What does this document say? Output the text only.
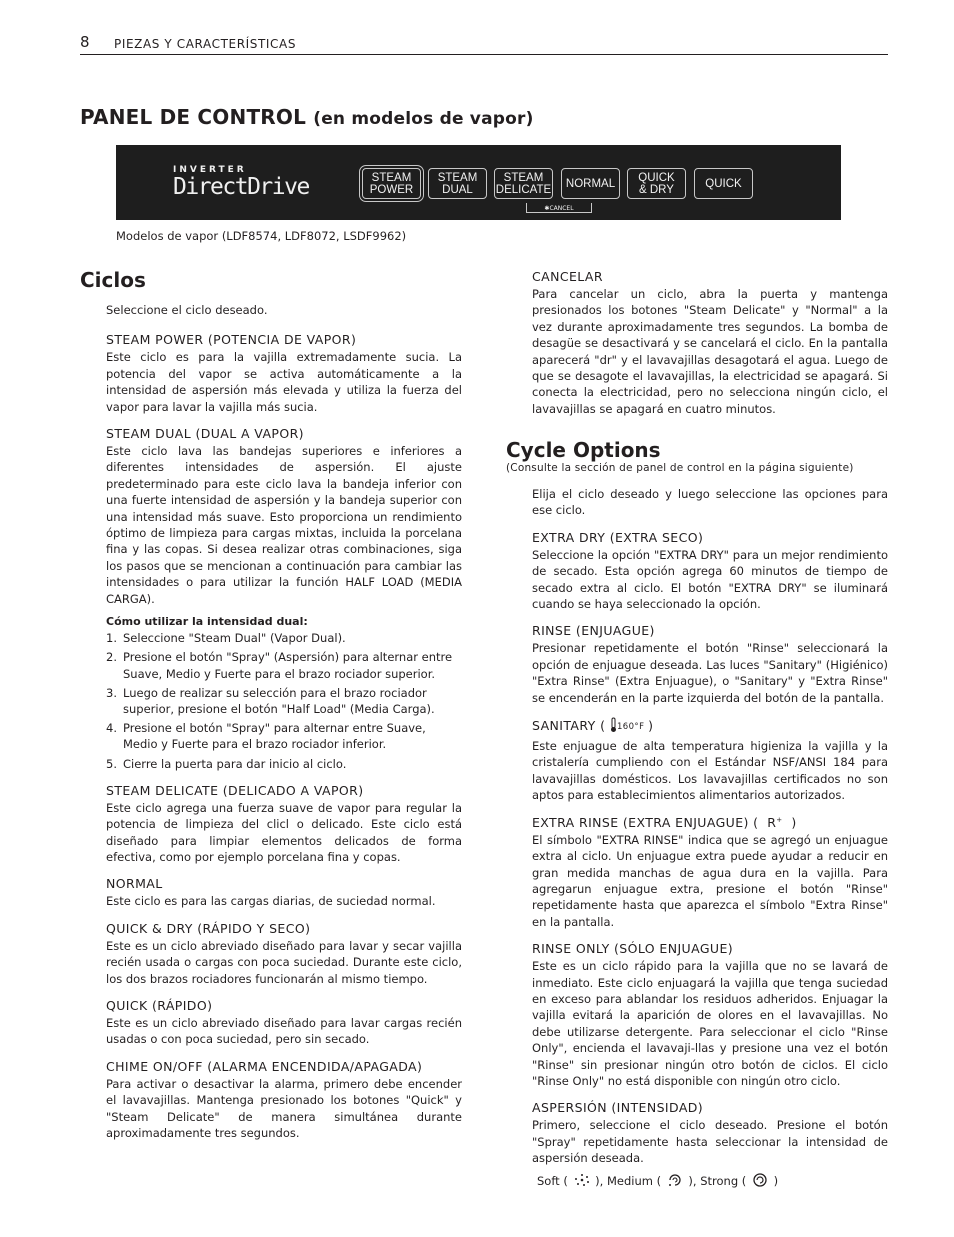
8 PIEZAS Y CARACTERÍSTICAS
PANEL DE CONTROL (en modelos de vapor)
INVERTER
DirectDrive	STEAM
POWER
STEAM
DUAL
STEAM
DELICATE	NORMAL	QUICK
& DRY	QUICK
✱CANCEL
Modelos de vapor (LDF8574, LDF8072, LSDF9962)
Ciclos
Seleccione el ciclo deseado.
STEAM POWER (POTENCIA DE VAPOR)
Este ciclo es para la vajilla extremadamente sucia. La potencia del vapor se activa automáticamente a la intensidad de aspersión más elevada y utiliza la fuerza del vapor para lavar la vajilla más sucia.
STEAM DUAL (DUAL A VAPOR)
Este ciclo lava las bandejas superiores e inferiores a diferentes intensidades de aspersión. El ajuste predeterminado para este ciclo lava la bandeja inferior con una fuerte intensidad de aspersión y la bandeja superior con una intensidad más suave. Esto proporciona un rendimiento óptimo de limpieza para cargas mixtas, incluida la porcelana fina y las copas. Si desea realizar otras combinaciones, siga los pasos que se mencionan a continuación para cambiar las intensidades o para utilizar la función HALF LOAD (MEDIA CARGA).
Cómo utilizar la intensidad dual:
1. Seleccione "Steam Dual" (Vapor Dual).
2. Presione el botón "Spray" (Aspersión) para alternar entre Suave, Medio y Fuerte para el brazo rociador superior.
3. Luego de realizar su selección para el brazo rociador superior, presione el botón "Half Load" (Media Carga).
4. Presione el botón "Spray" para alternar entre Suave, Medio y Fuerte para el brazo rociador inferior.
5. Cierre la puerta para dar inicio al ciclo.
STEAM DELICATE (DELICADO A VAPOR)
Este ciclo agrega una fuerza suave de vapor para regular la potencia de limpieza del clicl o delicado. Este ciclo está diseñado para limpiar elementos delicados de forma efectiva, como por ejemplo porcelana fina y copas.
NORMAL
Este ciclo es para las cargas diarias, de suciedad normal.
QUICK & DRY (RÁPIDO Y SECO)
Este es un ciclo abreviado diseñado para lavar y secar vajilla recién usada o cargas con poca suciedad. Durante este ciclo, los dos brazos rociadores funcionarán al mismo tiempo.
QUICK (RÁPIDO)
Este es un ciclo abreviado diseñado para lavar cargas recién usadas o con poca suciedad, pero sin secado.
CHIME ON/OFF (ALARMA ENCENDIDA/APAGADA)
Para activar o desactivar la alarma, primero debe encender el lavavajillas. Mantenga presionado los botones "Quick" y "Steam Delicate" de manera simultánea durante aproximadamente tres segundos.
CANCELAR
Para cancelar un ciclo, abra la puerta y mantenga presionados los botones "Steam Delicate" y "Normal" a la vez durante aproximadamente tres segundos. La bomba de desagüe se desactivará y se cancelará el ciclo. En la pantalla aparecerá "dr" y el lavavajillas desagotará el agua. Luego de que se desagote el lavavajillas, la electricidad se apagará. Si conecta la electricidad, pero no selecciona ningún ciclo, el lavavajillas se apagará en cuatro minutos.
Cycle Options
(Consulte la sección de panel de control en la página siguiente)
Elija el ciclo deseado y luego seleccione las opciones para ese ciclo.
EXTRA DRY (EXTRA SECO)
Seleccione la opción "EXTRA DRY" para un mejor rendimiento de secado. Esta opción agrega 60 minutos de tiempo de secado extra al ciclo. El botón "EXTRA DRY" se iluminará cuando se haya seleccionado la opción.
RINSE (ENJUAGUE)
Presionar repetidamente el botón "Rinse" seleccionará la opción de enjuague deseada. Las luces "Sanitary" (Higiénico) "Extra Rinse" (Extra Enjuague), o "Sanitary" y "Extra Rinse" se encenderán en la parte izquierda del botón de la pantalla.
SANITARY ( 160°F )
Este enjuague de alta temperatura higieniza la vajilla y la cristalería cumpliendo con el Estándar NSF/ANSI 184 para lavavajillas domésticos. Los lavavajillas certificados no son aptos para establecimientos alimentarios autorizados.
EXTRA RINSE (EXTRA ENJUAGUE) ( R+ )
El símbolo "EXTRA RINSE" indica que se agregó un enjuague extra al ciclo. Un enjuague extra puede ayudar a reducir en gran medida manchas de agua dura en la vajilla. Para agregarun enjuague extra, presione el botón "Rinse" repetidamente hasta que aparezca el símbolo "Extra Rinse" en la pantalla.
RINSE ONLY (SÓLO ENJUAGUE)
Este es un ciclo rápido para la vajilla que no se lavará de inmediato. Este ciclo enjuagará la vajilla que tenga suciedad en exceso para ablandar los residuos adheridos. Enjuagar la vajilla evitará la aparición de olores en el lavavajillas. No debe utilizarse detergente. Para seleccionar el ciclo "Rinse Only", encienda el lavavaji-llas y presione una vez el botón "Rinse" sin presionar ningún otro botón de ciclos. El ciclo "Rinse Only" no está disponible con ningún otro ciclo.
ASPERSIÓN (INTENSIDAD)
Primero, seleccione el ciclo deseado. Presione el botón "Spray" repetidamente hasta seleccionar la intensidad de aspersión deseada.
Soft ( ), Medium ( ), Strong ( )
